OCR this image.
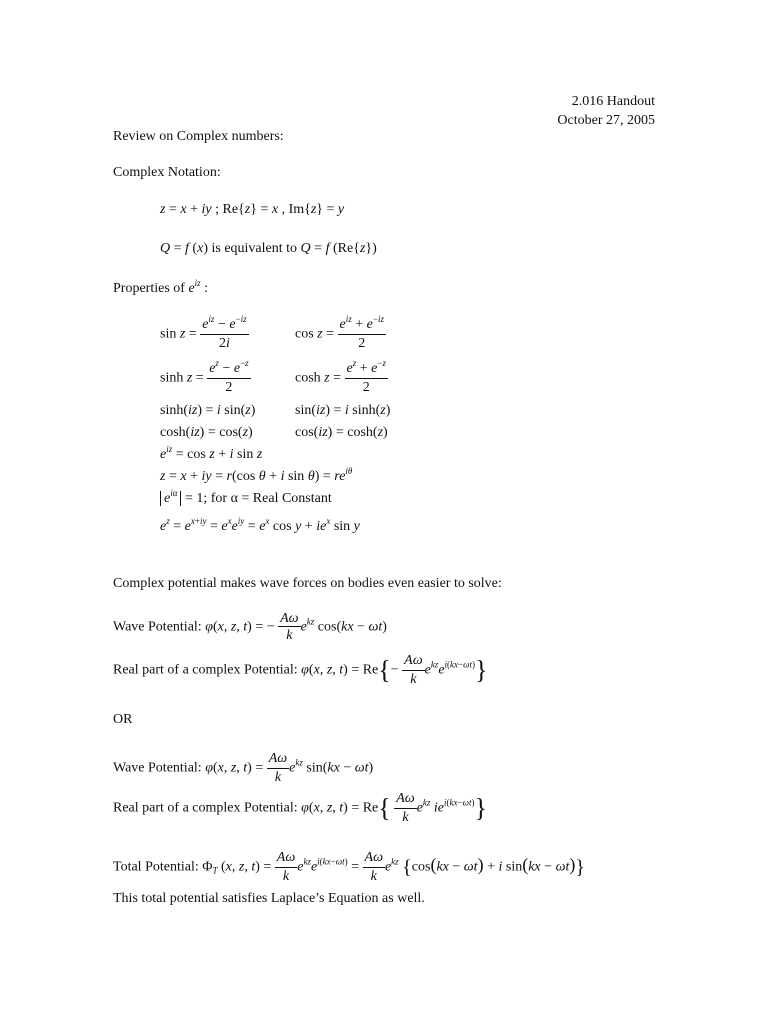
2.016 Handout
October 27, 2005
Review on Complex numbers:
Complex Notation:
z = x + iy ; Re{z} = x , Im{z} = y
Q = f (x) is equivalent to Q = f (Re{z})
Properties of $e^{iz}$ :
$\sin z = \frac{e^{iz} - e^{-iz}}{2i}$	$\cos z = \frac{e^{iz} + e^{-iz}}{2}$
$\sinh z = \frac{e^z - e^{-z}}{2}$	$\cosh z = \frac{e^z + e^{-z}}{2}$
sinh(iz) = i sin(z)	sin(iz) = i sinh(z)
cosh(iz) = cos(z)	cos(iz) = cosh(z)
$e^{iz} = \cos z + i$ sin z
z = x + iy = r(cos θ + i $\sin \theta) = re^{i\theta}$
$e^{i\alpha} = 1$; for α = Real Constant
$e^z = e^{x+iy} = e^xe^{iy} = e^x$ $\cos y + ie^x$ sin y
Complex potential makes wave forces on bodies even easier to solve:
Wave Potential: φ(x, z, t) = − $\frac{A\omega}{k} e^{kz}$ cos(kx − ωt)
Real part of a complex Potential: φ(x, z, $t) = Re\{- \frac{A\omega}{k} e^{kz}e^{i(kx-\omega t)}\}$
OR
Wave Potential: φ(x, z, $t) = \frac{A\omega}{k} e^{kz}$ sin(kx − ωt)
Real part of a complex Potential: φ(x, z, $t) = Re\{ \frac{A\omega}{k} e^{kz}$ $ie^{i(kx-\omega t)}$}
Total Potential: $\Phi_T$ (x, z, $t) = \frac{A\omega}{k} e^{kz}e^{i(kx-\omega t)} = \frac{A\omega}{k} e^{kz}$ {cos(kx − ωt) + i sin(kx − ωt)}
This total potential satisfies Laplace’s Equation as well.
